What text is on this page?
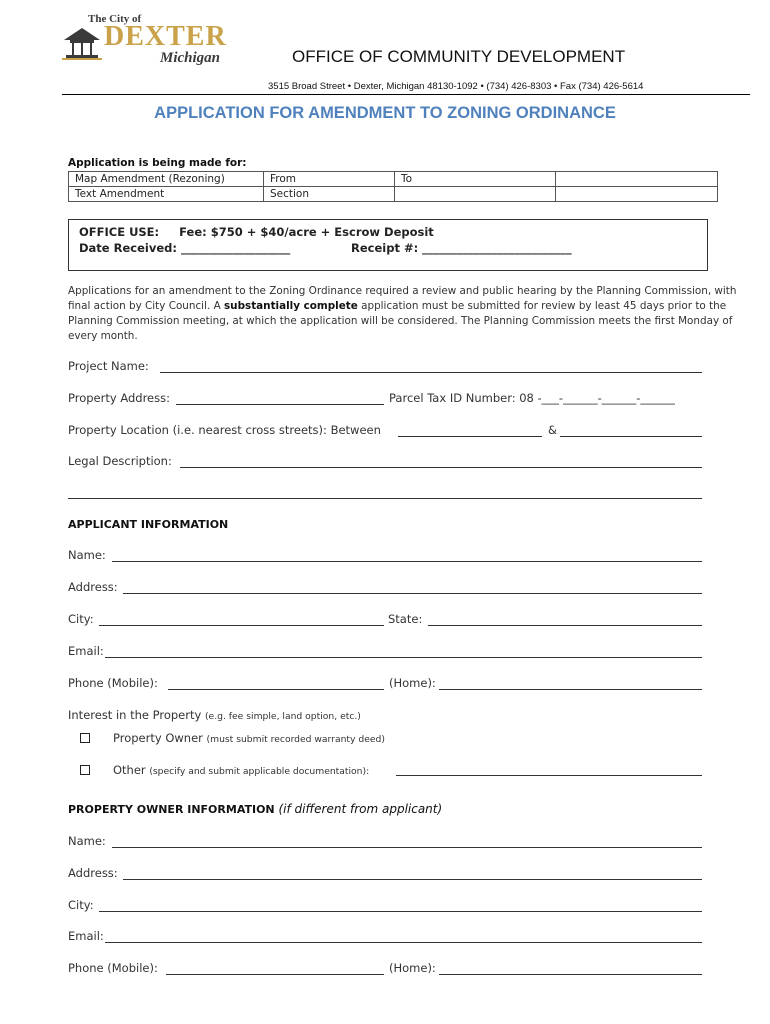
The City of
DEXTER
Michigan	OFFICE OF COMMUNITY DEVELOPMENT
3515 Broad Street • Dexter, Michigan 48130-1092 • (734) 426-8303 • Fax (734) 426-5614
APPLICATION FOR AMENDMENT TO ZONING ORDINANCE
Application is being made for:
Map Amendment (Rezoning)	From	To	
Text Amendment	Section		
OFFICE USE: Fee: $750 + $40/acre + Escrow Deposit
Date Received: ___________________	Receipt #: __________________________
Applications for an amendment to the Zoning Ordinance required a review and public hearing by the Planning Commission, with final action by City Council. A substantially complete application must be submitted for review by least 45 days prior to the Planning Commission meeting, at which the application will be considered. The Planning Commission meets the first Monday of every month.
Project Name:
Property Address:	Parcel Tax ID Number: 08 -___-______-______-______
Property Location (i.e. nearest cross streets): Between	&
Legal Description:
APPLICANT INFORMATION
Name:
Address:
City:	State:
Email:
Phone (Mobile):	(Home):
Interest in the Property (e.g. fee simple, land option, etc.)
Property Owner (must submit recorded warranty deed)
Other (specify and submit applicable documentation):
PROPERTY OWNER INFORMATION (if different from applicant)
Name:
Address:
City:
Email:
Phone (Mobile):	(Home):
